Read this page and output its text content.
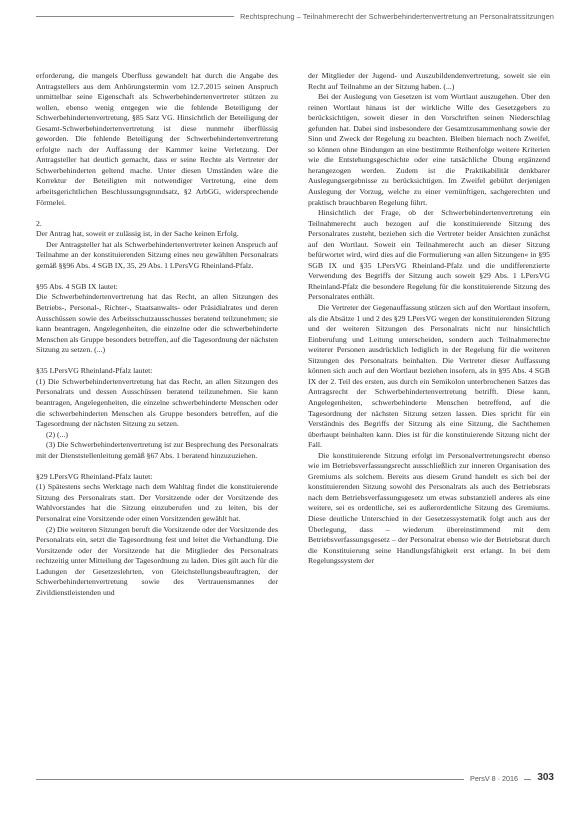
Rechtsprechung – Teilnahmerecht der Schwerbehindertenvertretung an Personalratssitzungen

erforderung, die mangels Überfluss gewandelt hat durch die Angabe des Antragstellers aus dem Anhörungstermin vom 12.7.2015 seinen Anspruch unmittelbar seine Eigenschaft als Schwerbehindertenvertreter stützen zu wollen, ebenso wenig entgegen wie die fehlende Beteiligung der Schwerbehindertenvertretung, §85 Satz VG. Hinsichtlich der Beteiligung der Gesamt-Schwerbehindertenvertretung ist diese nunmehr überflüssig geworden. Die fehlende Beteiligung der Schwerbehindertenvertretung erfolgte nach der Auffassung der Kammer keine Verletzung. Der Antragsteller hat deutlich gemacht, dass er seine Rechte als Vertreter der Schwerbehinderten geltend mache. Unter diesen Umständen wäre die Korrektur der Beteiligten mit notwendiger Vertretung, eine dem arbeitsgerichtlichen Beschlussungsgrundsatz, §2 ArbGG, widersprechende Förmelei.

2.

Der Antrag hat, soweit er zulässig ist, in der Sache keinen Erfolg.

Der Antragsteller hat als Schwerbehindertenvertreter keinen Anspruch auf Teilnahme an der konstituierenden Sitzung eines neu gewählten Personalrats gemäß §§96 Abs. 4 SGB IX, 35, 29 Abs. 1 LPersVG Rheinland-Pfalz.

§95 Abs. 4 SGB IX lautet:

Die Schwerbehindertenvertretung hat das Recht, an allen Sitzungen des Betriebs-, Personal-, Richter-, Staatsanwalts- oder Präsidialrates und deren Ausschüssen sowie des Arbeitsschutzausschusses beratend teilzunehmen; sie kann beantragen, Angelegenheiten, die einzelne oder die schwerbehinderte Menschen als Gruppe besonders betreffen, auf die Tagesordnung der nächsten Sitzung zu setzen. (...)

§35 LPersVG Rheinland-Pfalz lautet:

(1) Die Schwerbehindertenvertretung hat das Recht, an allen Sitzungen des Personalrats und dessen Ausschüssen beratend teilzunehmen. Sie kann beantragen, Angelegenheiten, die einzelne schwerbehinderte Menschen oder die schwerbehinderten Menschen als Gruppe besonders betreffen, auf die Tagesordnung der nächsten Sitzung zu setzen.

(2) (...)

(3) Die Schwerbehindertenvertretung ist zur Besprechung des Personalrats mit der Dienststellenleitung gemäß §67 Abs. 1 beratend hinzuzuziehen.

§29 LPersVG Rheinland-Pfalz lautet:

(1) Spätestens sechs Werktage nach dem Wahltag findet die konstituierende Sitzung des Personalrats statt. Der Vorsitzende oder der Vorsitzende des Wahlvorstandes hat die Sitzung einzuberufen und zu leiten, bis der Personalrat eine Vorsitzende oder einen Vorsitzenden gewählt hat.

(2) Die weiteren Sitzungen beruft die Vorsitzende oder der Vorsitzende des Personalrats ein, setzt die Tagesordnung fest und leitet die Verhandlung. Die Vorsitzende oder der Vorsitzende hat die Mitglieder des Personalrats rechtzeitig unter Mitteilung der Tagesordnung zu laden. Dies gilt auch für die Ladungen der Gesetzeslehrten, von Gleichstellungsbeauftragten, der Schwerbehindertenvertretung sowie des Vertrauensmannes der Zivildienstleistenden und

der Mitglieder der Jugend- und Auszubildendenvertretung, soweit sie ein Recht auf Teilnahme an der Sitzung haben. (...)

Bei der Auslegung von Gesetzen ist vom Wortlaut auszugehen. Über den reinen Wortlaut hinaus ist der wirkliche Wille des Gesetzgebers zu berücksichtigen, soweit dieser in den Vorschriften seinen Niederschlag gefunden hat. Dabei sind insbesondere der Gesamtzusammenhang sowie der Sinn und Zweck der Regelung zu beachten. Bleiben hiernach noch Zweifel, so können ohne Bindungen an eine bestimmte Reihenfolge weitere Kriterien wie die Entstehungsgeschichte oder eine tatsächliche Übung ergänzend herangezogen werden. Zudem ist die Praktikabilität denkbarer Auslegungsergebnisse zu berücksichtigen. Im Zweifel gebührt derjenigen Auslegung der Vorzug, welche zu einer vernünftigen, sachgerechten und praktisch brauchbaren Regelung führt.

Hinsichtlich der Frage, ob der Schwerbehindertenvertretung ein Teilnahmerecht auch bezogen auf die konstituierende Sitzung des Personalrates zusteht, beziehen sich die Vertreter beider Ansichten zunächst auf den Wortlaut. Soweit ein Teilnahmerecht auch an dieser Sitzung befürwortet wird, wird dies auf die Formulierung »an allen Sitzungen« in §95 SGB IX und §35 LPersVG Rheinland-Pfalz und die undifferenzierte Verwendung des Begriffs der Sitzung auch soweit §29 Abs. 1 LPersVG Rheinland-Pfalz die besondere Regelung für die konstituierende Sitzung des Personalrates enthält.

Die Vertreter der Gegenauffassung stützen sich auf den Wortlaut insofern, als die Absätze 1 und 2 des §29 LPersVG wegen der konstituierenden Sitzung und der weiteren Sitzungen des Personalrats nicht nur hinsichtlich Einberufung und Leitung unterscheiden, sondern auch Teilnahmerechte weiterer Personen ausdrücklich lediglich in der Regelung für die weiteren Sitzungen des Personalrats beinhalten. Die Vertreter dieser Auffassung können sich auch auf den Wortlaut beziehen insofern, als in §95 Abs. 4 SGB IX der 2. Teil des ersten, aus durch ein Semikolon unterbrochenen Satzes das Antragsrecht der Schwerbehindertenvertretung betrifft. Diese kann, Angelegenheiten, schwerbehinderte Menschen betreffend, auf die Tagesordnung der nächsten Sitzung setzen lassen. Dies spricht für ein Verständnis des Begriffs der Sitzung als eine Sitzung, die Sachthemen überhaupt beinhalten kann. Dies ist für die konstituierende Sitzung nicht der Fall.

Die konstituierende Sitzung erfolgt im Personalvertretungsrecht ebenso wie im Betriebsverfassungsrecht ausschließlich zur inneren Organisation des Gremiums als solchem. Bereits aus diesem Grund handelt es sich bei der konstituierenden Sitzung sowohl des Personalrats als auch des Betriebsrats nach dem Betriebsverfassungsgesetz um etwas substanziell anderes als eine weitere, sei es ordentliche, sei es außerordentliche Sitzung des Gremiums. Diese deutliche Unterschied in der Gesetzessystematik folgt auch aus der Überlegung, dass – wiederum übereinstimmend mit dem Betriebsverfassungsgesetz – der Personalrat ebenso wie der Betriebsrat durch die Konstituierung seine Handlungsfähigkeit erst erlangt. In bei dem Regelungssystem der

PersV 8 · 2016	303
